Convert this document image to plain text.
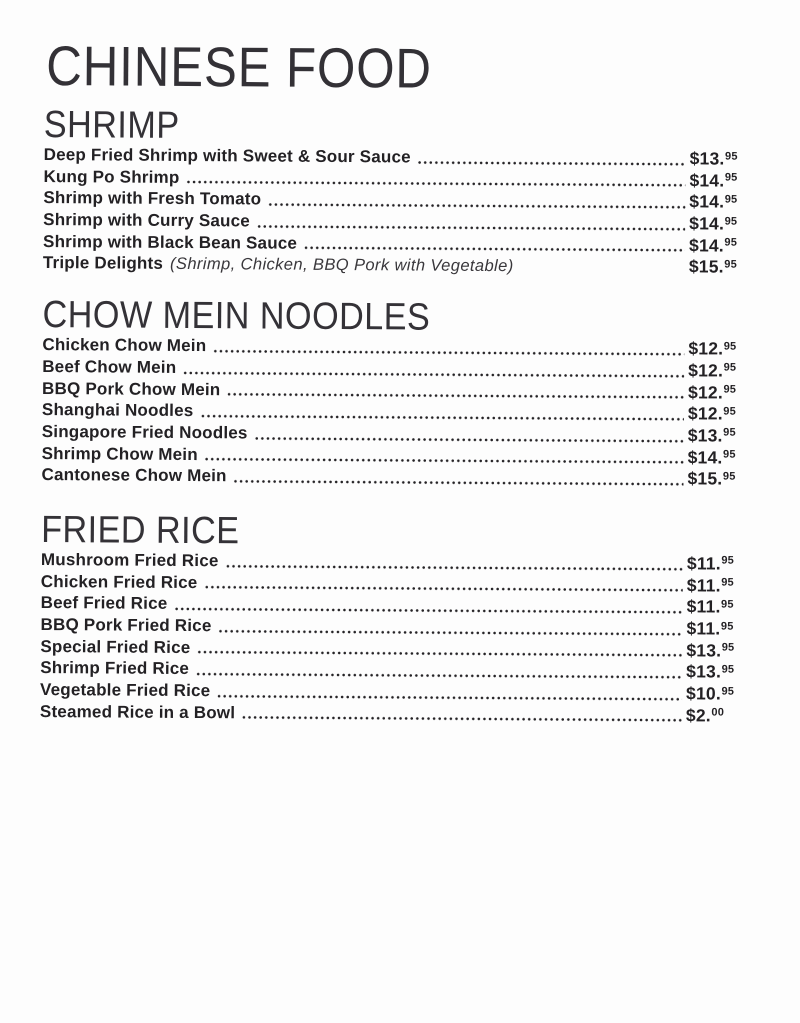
CHINESE FOOD
SHRIMP
Deep Fried Shrimp with Sweet & Sour Sauce	$13.95
Kung Po Shrimp	$14.95
Shrimp with Fresh Tomato	$14.95
Shrimp with Curry Sauce	$14.95
Shrimp with Black Bean Sauce	$14.95
Triple Delights (Shrimp, Chicken, BBQ Pork with Vegetable)	$15.95
CHOW MEIN NOODLES
Chicken Chow Mein	$12.95
Beef Chow Mein	$12.95
BBQ Pork Chow Mein	$12.95
Shanghai Noodles	$12.95
Singapore Fried Noodles	$13.95
Shrimp Chow Mein	$14.95
Cantonese Chow Mein	$15.95
FRIED RICE
Mushroom Fried Rice	$11.95
Chicken Fried Rice	$11.95
Beef Fried Rice	$11.95
BBQ Pork Fried Rice	$11.95
Special Fried Rice	$13.95
Shrimp Fried Rice	$13.95
Vegetable Fried Rice	$10.95
Steamed Rice in a Bowl	$2.00
